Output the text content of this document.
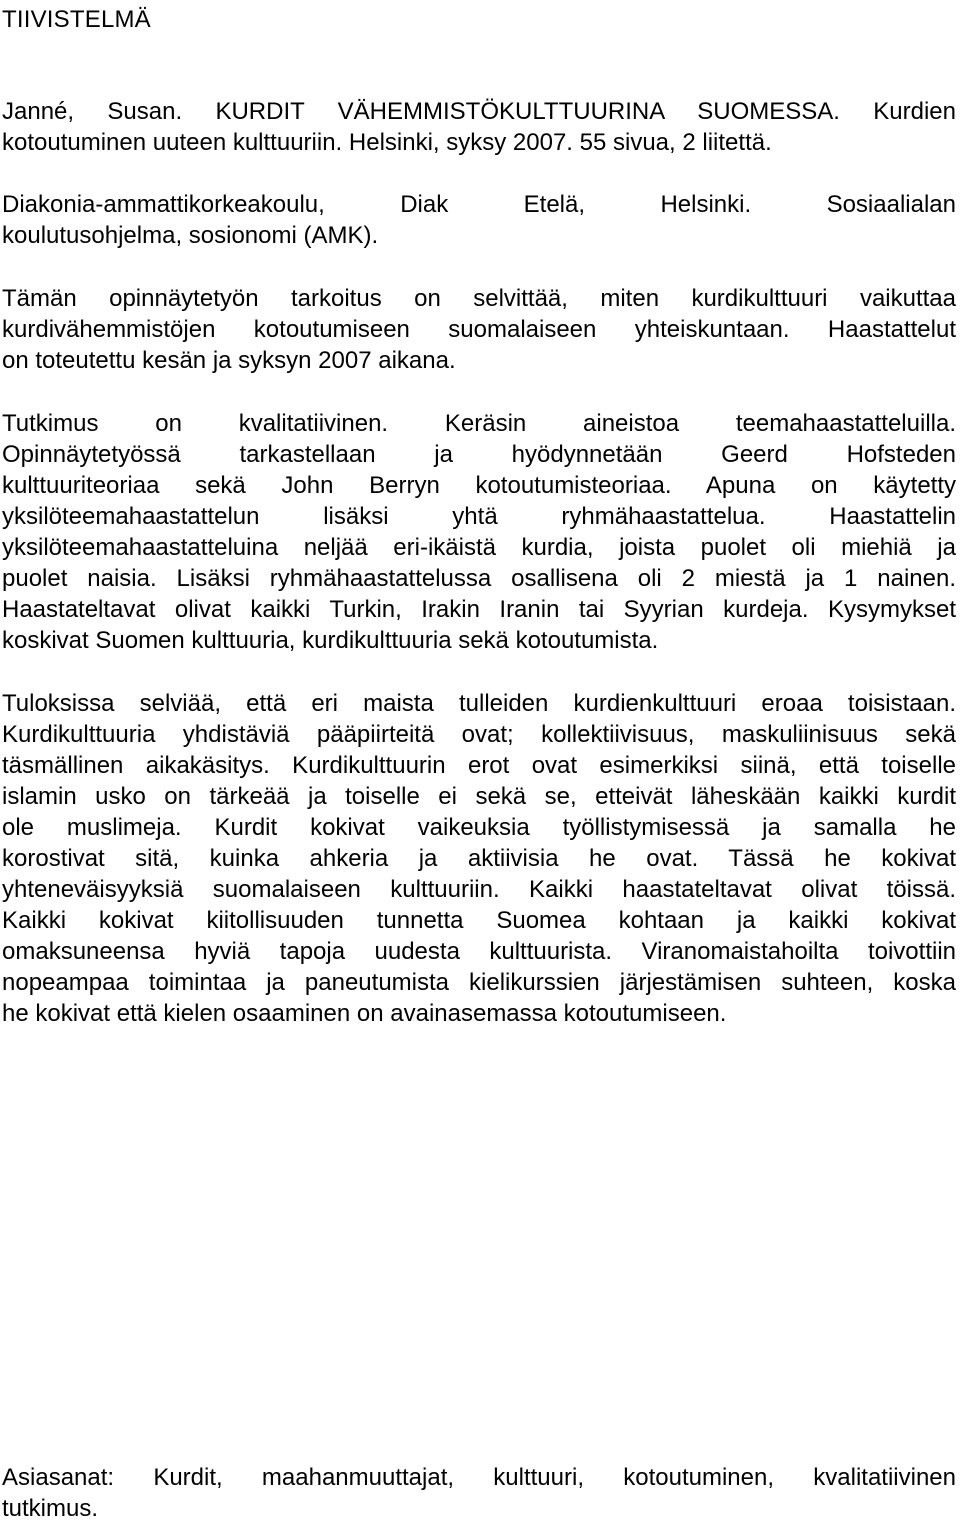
TIIVISTELMÄ

Janné, Susan. KURDIT VÄHEMMISTÖKULTTUURINA SUOMESSA. Kurdien
kotoutuminen uuteen kulttuuriin. Helsinki, syksy 2007. 55 sivua, 2 liitettä.

Diakonia-ammattikorkeakoulu, Diak Etelä, Helsinki. Sosiaalialan
koulutusohjelma, sosionomi (AMK).

Tämän opinnäytetyön tarkoitus on selvittää, miten kurdikulttuuri vaikuttaa
kurdivähemmistöjen kotoutumiseen suomalaiseen yhteiskuntaan. Haastattelut
on toteutettu kesän ja syksyn 2007 aikana.

Tutkimus on kvalitatiivinen. Keräsin aineistoa teemahaastatteluilla.
Opinnäytetyössä tarkastellaan ja hyödynnetään Geerd Hofsteden
kulttuuriteoriaa sekä John Berryn kotoutumisteoriaa. Apuna on käytetty
yksilöteemahaastattelun lisäksi yhtä ryhmähaastattelua. Haastattelin
yksilöteemahaastatteluina neljää eri-ikäistä kurdia, joista puolet oli miehiä ja
puolet naisia. Lisäksi ryhmähaastattelussa osallisena oli 2 miestä ja 1 nainen.
Haastateltavat olivat kaikki Turkin, Irakin Iranin tai Syyrian kurdeja. Kysymykset
koskivat Suomen kulttuuria, kurdikulttuuria sekä kotoutumista.

Tuloksissa selviää, että eri maista tulleiden kurdienkulttuuri eroaa toisistaan.
Kurdikulttuuria yhdistäviä pääpiirteitä ovat; kollektiivisuus, maskuliinisuus sekä
täsmällinen aikakäsitys. Kurdikulttuurin erot ovat esimerkiksi siinä, että toiselle
islamin usko on tärkeää ja toiselle ei sekä se, etteivät läheskään kaikki kurdit
ole muslimeja. Kurdit kokivat vaikeuksia työllistymisessä ja samalla he
korostivat sitä, kuinka ahkeria ja aktiivisia he ovat. Tässä he kokivat
yhteneväisyyksiä suomalaiseen kulttuuriin. Kaikki haastateltavat olivat töissä.
Kaikki kokivat kiitollisuuden tunnetta Suomea kohtaan ja kaikki kokivat
omaksuneensa hyviä tapoja uudesta kulttuurista. Viranomaistahoilta toivottiin
nopeampaa toimintaa ja paneutumista kielikurssien järjestämisen suhteen, koska
he kokivat että kielen osaaminen on avainasemassa kotoutumiseen.

Asiasanat: Kurdit, maahanmuuttajat, kulttuuri, kotoutuminen, kvalitatiivinen
tutkimus.
